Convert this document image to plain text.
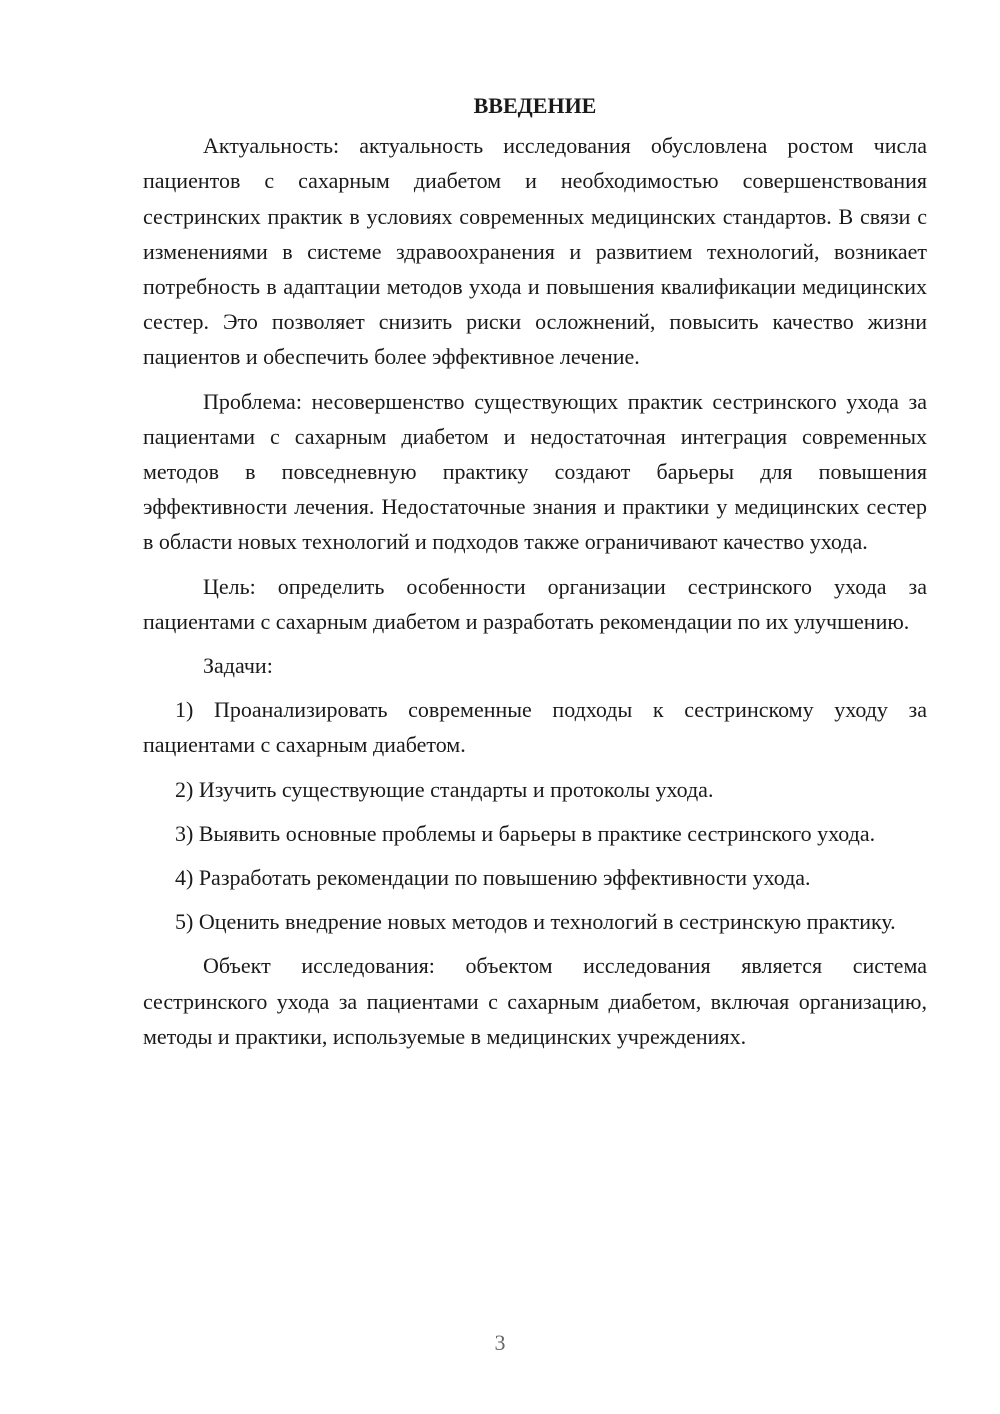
ВВЕДЕНИЕ

Актуальность: актуальность исследования обусловлена ростом числа пациентов с сахарным диабетом и необходимостью совершенствования сестринских практик в условиях современных медицинских стандартов. В связи с изменениями в системе здравоохранения и развитием технологий, возникает потребность в адаптации методов ухода и повышения квалификации медицинских сестер. Это позволяет снизить риски осложнений, повысить качество жизни пациентов и обеспечить более эффективное лечение.

Проблема: несовершенство существующих практик сестринского ухода за пациентами с сахарным диабетом и недостаточная интеграция современных методов в повседневную практику создают барьеры для повышения эффективности лечения. Недостаточные знания и практики у медицинских сестер в области новых технологий и подходов также ограничивают качество ухода.

Цель: определить особенности организации сестринского ухода за пациентами с сахарным диабетом и разработать рекомендации по их улучшению.

Задачи:

1) Проанализировать современные подходы к сестринскому уходу за пациентами с сахарным диабетом.

2) Изучить существующие стандарты и протоколы ухода.

3) Выявить основные проблемы и барьеры в практике сестринского ухода.

4) Разработать рекомендации по повышению эффективности ухода.

5) Оценить внедрение новых методов и технологий в сестринскую практику.

Объект исследования: объектом исследования является система сестринского ухода за пациентами с сахарным диабетом, включая организацию, методы и практики, используемые в медицинских учреждениях.

3
